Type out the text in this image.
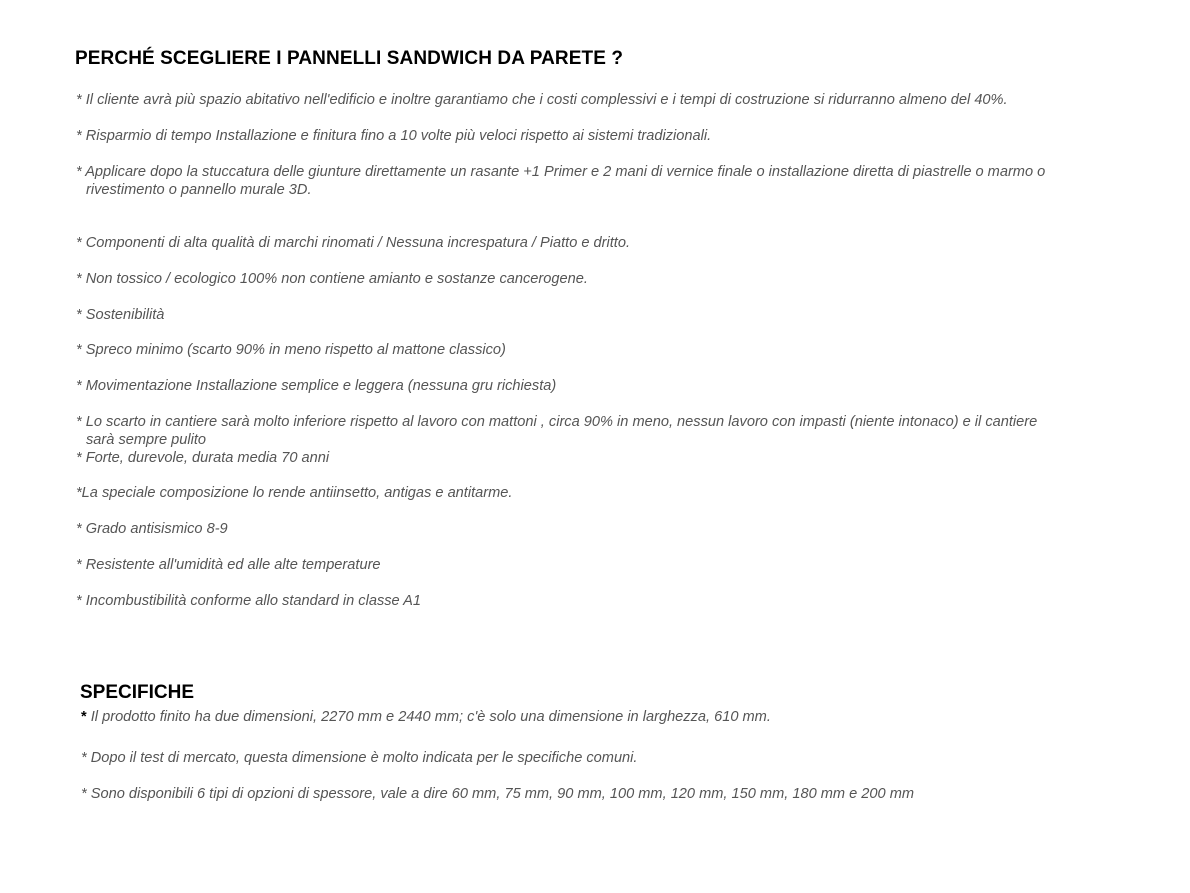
PERCHÉ SCEGLIERE I PANNELLI SANDWICH DA PARETE ?

* Il cliente avrà più spazio abitativo nell'edificio e inoltre garantiamo che i costi complessivi e i tempi di costruzione si ridurranno almeno del 40%.

* Risparmio di tempo Installazione e finitura fino a 10 volte più veloci rispetto ai sistemi tradizionali.

* Applicare dopo la stuccatura delle giunture direttamente un rasante +1 Primer e 2 mani di vernice finale o installazione diretta di piastrelle o marmo o
rivestimento o pannello murale 3D.

* Componenti di alta qualità di marchi rinomati / Nessuna increspatura / Piatto e dritto.

* Non tossico / ecologico 100% non contiene amianto e sostanze cancerogene.

* Sostenibilità

* Spreco minimo (scarto 90% in meno rispetto al mattone classico)

* Movimentazione Installazione semplice e leggera (nessuna gru richiesta)

* Lo scarto in cantiere sarà molto inferiore rispetto al lavoro con mattoni , circa 90% in meno, nessun lavoro con impasti (niente intonaco) e il cantiere
sarà sempre pulito

* Forte, durevole, durata media 70 anni

*La speciale composizione lo rende antiinsetto, antigas e antitarme.

* Grado antisismico 8-9

* Resistente all'umidità ed alle alte temperature

* Incombustibilità conforme allo standard in classe A1

SPECIFICHE

* Il prodotto finito ha due dimensioni, 2270 mm e 2440 mm; c'è solo una dimensione in larghezza, 610 mm.

* Dopo il test di mercato, questa dimensione è molto indicata per le specifiche comuni.

* Sono disponibili 6 tipi di opzioni di spessore, vale a dire 60 mm, 75 mm, 90 mm, 100 mm, 120 mm, 150 mm, 180 mm e 200 mm
